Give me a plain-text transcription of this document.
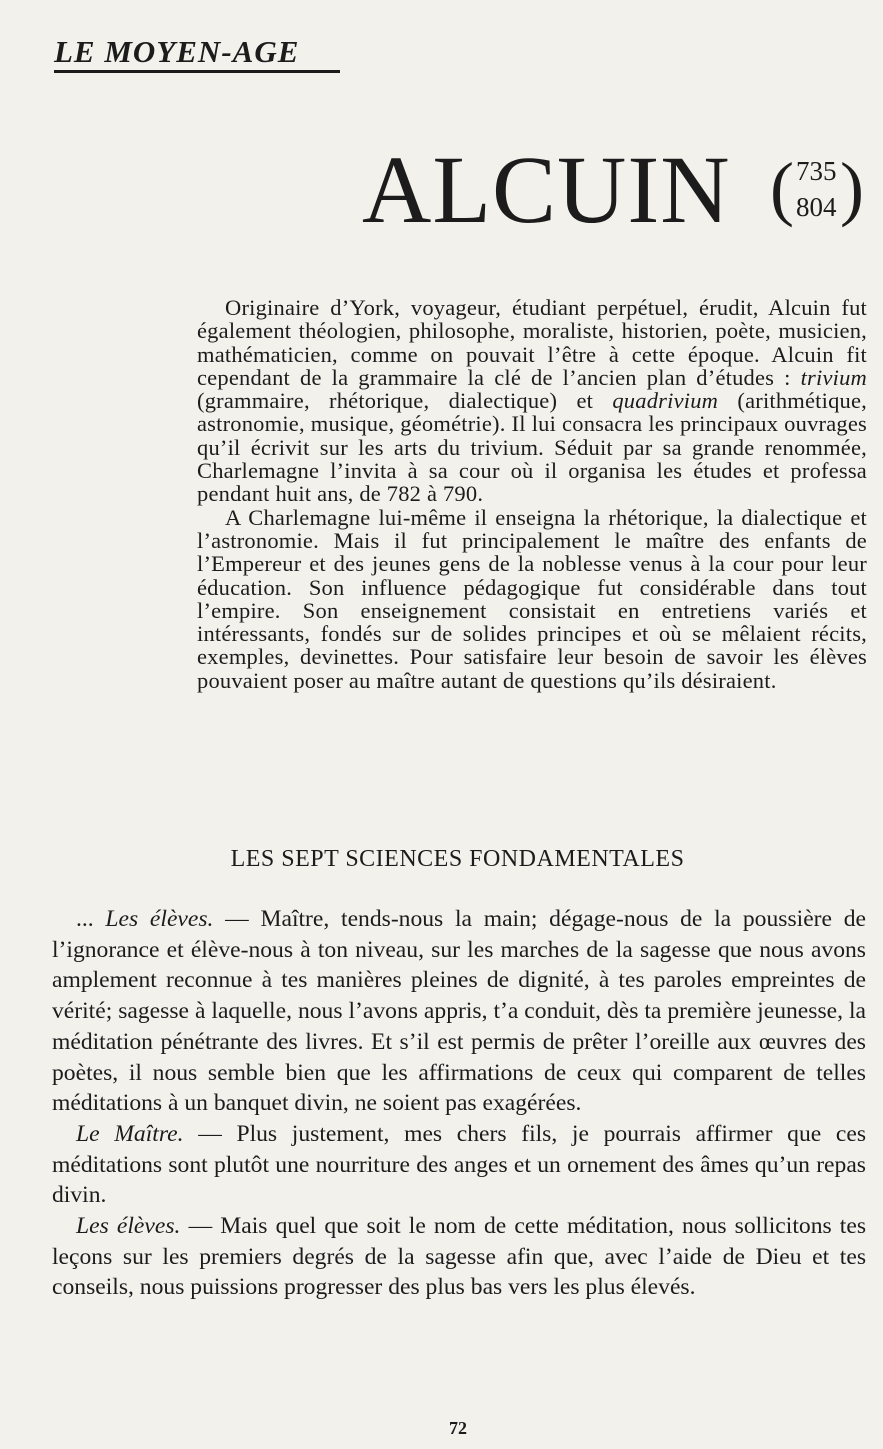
LE MOYEN-AGE
ALCUIN ( 735
804 )

Originaire d’York, voyageur, étudiant perpétuel, érudit, Alcuin fut également théologien, philosophe, moraliste, historien, poète, musicien, mathématicien, comme on pouvait l’être à cette époque. Alcuin fit cependant de la grammaire la clé de l’ancien plan d’études : trivium (grammaire, rhétorique, dialectique) et quadrivium (arithmétique, astronomie, musique, géométrie). Il lui consacra les principaux ouvrages qu’il écrivit sur les arts du trivium. Séduit par sa grande renommée, Charlemagne l’invita à sa cour où il organisa les études et professa pendant huit ans, de 782 à 790.

A Charlemagne lui-même il enseigna la rhétorique, la dialectique et l’astronomie. Mais il fut principalement le maître des enfants de l’Empereur et des jeunes gens de la noblesse venus à la cour pour leur éducation. Son influence pédagogique fut considérable dans tout l’empire. Son enseignement consistait en entretiens variés et intéressants, fondés sur de solides principes et où se mêlaient récits, exemples, devinettes. Pour satisfaire leur besoin de savoir les élèves pouvaient poser au maître autant de questions qu’ils désiraient.

LES SEPT SCIENCES FONDAMENTALES

... Les élèves. — Maître, tends-nous la main; dégage-nous de la poussière de l’ignorance et élève-nous à ton niveau, sur les marches de la sagesse que nous avons amplement reconnue à tes manières pleines de dignité, à tes paroles empreintes de vérité; sagesse à laquelle, nous l’avons appris, t’a conduit, dès ta première jeunesse, la méditation pénétrante des livres. Et s’il est permis de prêter l’oreille aux œuvres des poètes, il nous semble bien que les affirmations de ceux qui comparent de telles méditations à un banquet divin, ne soient pas exagérées.

Le Maître. — Plus justement, mes chers fils, je pourrais affirmer que ces méditations sont plutôt une nourriture des anges et un ornement des âmes qu’un repas divin.

Les élèves. — Mais quel que soit le nom de cette méditation, nous sollicitons tes leçons sur les premiers degrés de la sagesse afin que, avec l’aide de Dieu et tes conseils, nous puissions progresser des plus bas vers les plus élevés.

72
